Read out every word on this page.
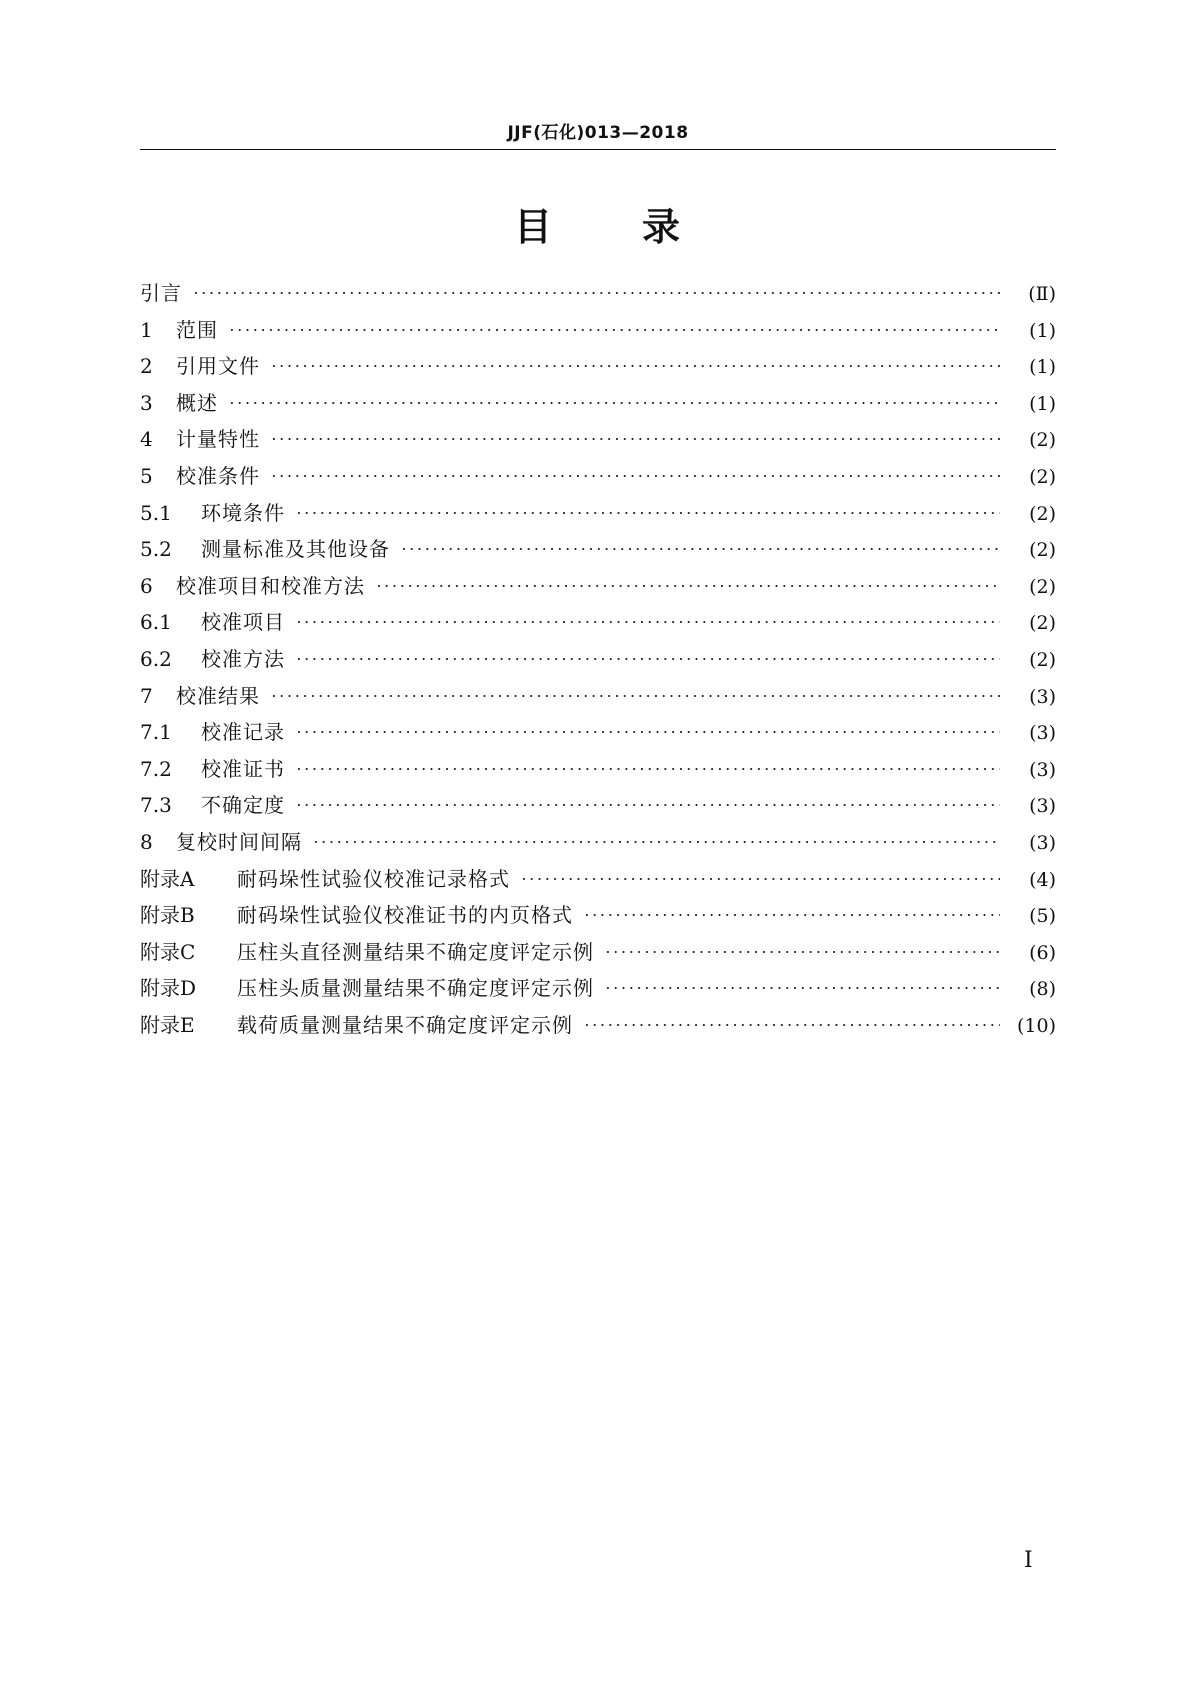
JJF(石化)013—2018
目 录
引言	(Ⅱ)
1	范围	(1)
2	引用文件	(1)
3	概述	(1)
4	计量特性	(2)
5	校准条件	(2)
5.1	环境条件	(2)
5.2	测量标准及其他设备	(2)
6	校准项目和校准方法	(2)
6.1	校准项目	(2)
6.2	校准方法	(2)
7	校准结果	(3)
7.1	校准记录	(3)
7.2	校准证书	(3)
7.3	不确定度	(3)
8	复校时间间隔	(3)
附录A	耐码垛性试验仪校准记录格式	(4)
附录B	耐码垛性试验仪校准证书的内页格式	(5)
附录C	压柱头直径测量结果不确定度评定示例	(6)
附录D	压柱头质量测量结果不确定度评定示例	(8)
附录E	载荷质量测量结果不确定度评定示例	(10)
Ⅰ
